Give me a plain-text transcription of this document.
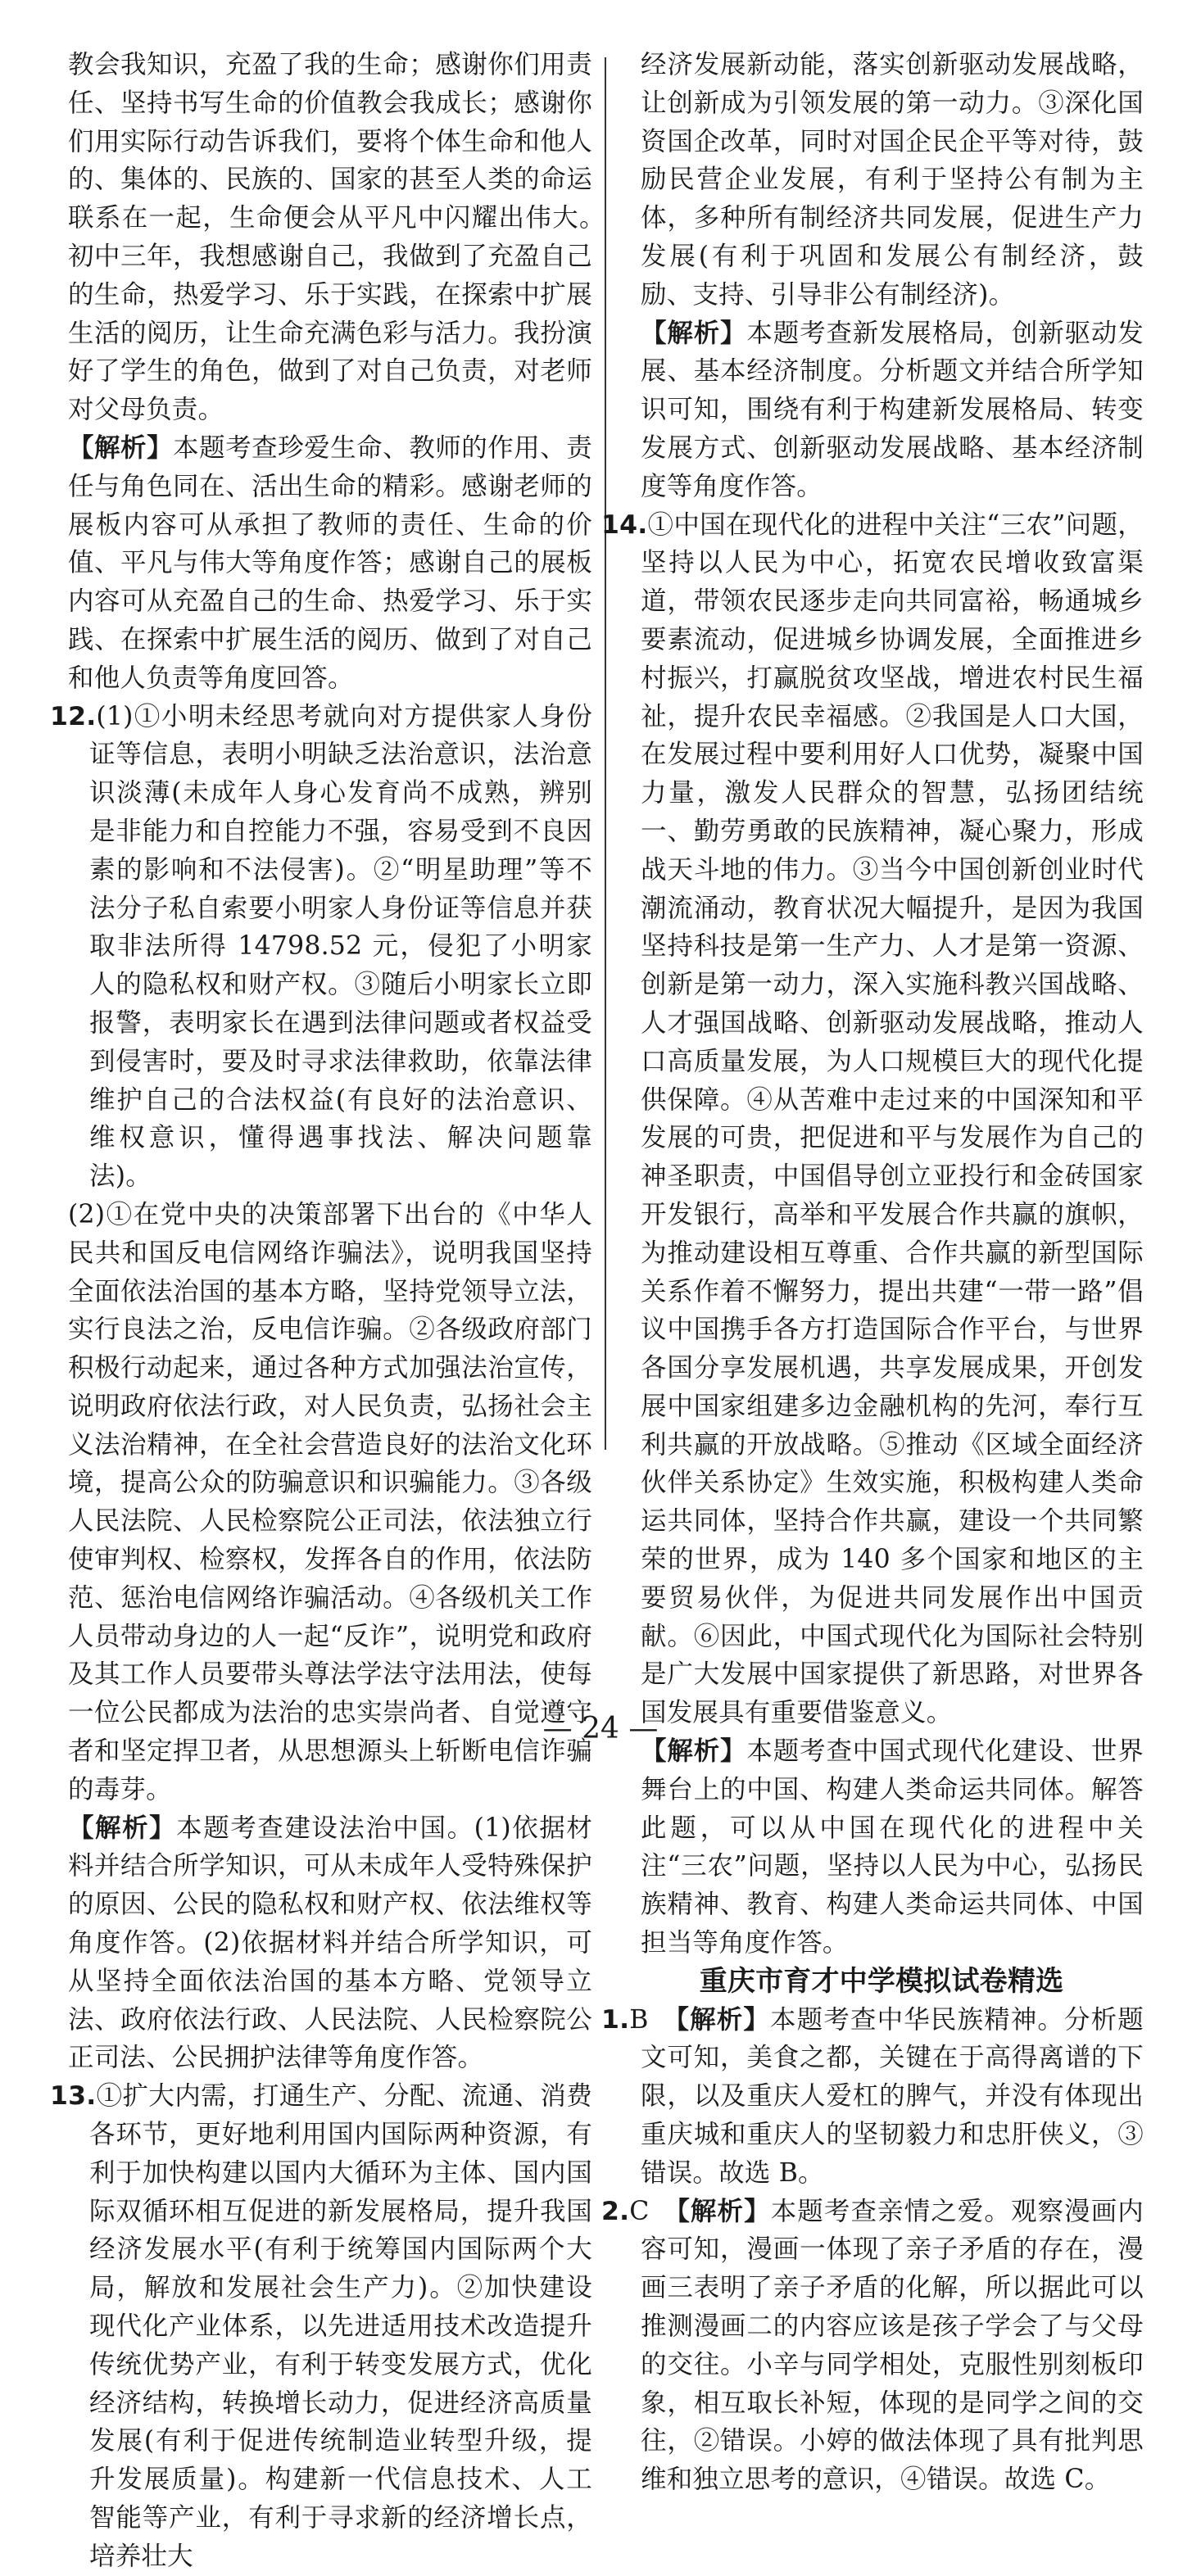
教会我知识，充盈了我的生命；感谢你们用责任、坚持书写生命的价值教会我成长；感谢你们用实际行动告诉我们，要将个体生命和他人的、集体的、民族的、国家的甚至人类的命运联系在一起，生命便会从平凡中闪耀出伟大。　初中三年，我想感谢自己，我做到了充盈自己的生命，热爱学习、乐于实践，在探索中扩展生活的阅历，让生命充满色彩与活力。我扮演好了学生的角色，做到了对自己负责，对老师对父母负责。

【解析】本题考查珍爱生命、教师的作用、责任与角色同在、活出生命的精彩。感谢老师的展板内容可从承担了教师的责任、生命的价值、平凡与伟大等角度作答；感谢自己的展板内容可从充盈自己的生命、热爱学习、乐于实践、在探索中扩展生活的阅历、做到了对自己和他人负责等角度回答。

12.(1)①小明未经思考就向对方提供家人身份证等信息，表明小明缺乏法治意识，法治意识淡薄(未成年人身心发育尚不成熟，辨别是非能力和自控能力不强，容易受到不良因素的影响和不法侵害)。②“明星助理”等不法分子私自索要小明家人身份证等信息并获取非法所得 14798.52 元，侵犯了小明家人的隐私权和财产权。③随后小明家长立即报警，表明家长在遇到法律问题或者权益受到侵害时，要及时寻求法律救助，依靠法律维护自己的合法权益(有良好的法治意识、维权意识，懂得遇事找法、解决问题靠法)。

(2)①在党中央的决策部署下出台的《中华人民共和国反电信网络诈骗法》，说明我国坚持全面依法治国的基本方略，坚持党领导立法，实行良法之治，反电信诈骗。②各级政府部门积极行动起来，通过各种方式加强法治宣传，说明政府依法行政，对人民负责，弘扬社会主义法治精神，在全社会营造良好的法治文化环境，提高公众的防骗意识和识骗能力。③各级人民法院、人民检察院公正司法，依法独立行使审判权、检察权，发挥各自的作用，依法防范、惩治电信网络诈骗活动。④各级机关工作人员带动身边的人一起“反诈”，说明党和政府及其工作人员要带头尊法学法守法用法，使每一位公民都成为法治的忠实崇尚者、自觉遵守者和坚定捍卫者，从思想源头上斩断电信诈骗的毒芽。

【解析】本题考查建设法治中国。(1)依据材料并结合所学知识，可从未成年人受特殊保护的原因、公民的隐私权和财产权、依法维权等角度作答。(2)依据材料并结合所学知识，可从坚持全面依法治国的基本方略、党领导立法、政府依法行政、人民法院、人民检察院公正司法、公民拥护法律等角度作答。

13.①扩大内需，打通生产、分配、流通、消费各环节，更好地利用国内国际两种资源，有利于加快构建以国内大循环为主体、国内国际双循环相互促进的新发展格局，提升我国经济发展水平(有利于统筹国内国际两个大局，解放和发展社会生产力)。②加快建设现代化产业体系，以先进适用技术改造提升传统优势产业，有利于转变发展方式，优化经济结构，转换增长动力，促进经济高质量发展(有利于促进传统制造业转型升级，提升发展质量)。构建新一代信息技术、人工智能等产业，有利于寻求新的经济增长点，培养壮大

经济发展新动能，落实创新驱动发展战略，让创新成为引领发展的第一动力。③深化国资国企改革，同时对国企民企平等对待，鼓励民营企业发展，有利于坚持公有制为主体，多种所有制经济共同发展，促进生产力发展(有利于巩固和发展公有制经济，鼓励、支持、引导非公有制经济)。

【解析】本题考查新发展格局，创新驱动发展、基本经济制度。分析题文并结合所学知识可知，围绕有利于构建新发展格局、转变发展方式、创新驱动发展战略、基本经济制度等角度作答。

14.①中国在现代化的进程中关注“三农”问题，坚持以人民为中心，拓宽农民增收致富渠道，带领农民逐步走向共同富裕，畅通城乡要素流动，促进城乡协调发展，全面推进乡村振兴，打赢脱贫攻坚战，增进农村民生福祉，提升农民幸福感。②我国是人口大国，在发展过程中要利用好人口优势，凝聚中国力量，激发人民群众的智慧，弘扬团结统一、勤劳勇敢的民族精神，凝心聚力，形成战天斗地的伟力。③当今中国创新创业时代潮流涌动，教育状况大幅提升，是因为我国坚持科技是第一生产力、人才是第一资源、创新是第一动力，深入实施科教兴国战略、人才强国战略、创新驱动发展战略，推动人口高质量发展，为人口规模巨大的现代化提供保障。④从苦难中走过来的中国深知和平发展的可贵，把促进和平与发展作为自己的神圣职责，中国倡导创立亚投行和金砖国家开发银行，高举和平发展合作共赢的旗帜，为推动建设相互尊重、合作共赢的新型国际关系作着不懈努力，提出共建“一带一路”倡议中国携手各方打造国际合作平台，与世界各国分享发展机遇，共享发展成果，开创发展中国家组建多边金融机构的先河，奉行互利共赢的开放战略。⑤推动《区域全面经济伙伴关系协定》生效实施，积极构建人类命运共同体，坚持合作共赢，建设一个共同繁荣的世界，成为 140 多个国家和地区的主要贸易伙伴，为促进共同发展作出中国贡献。⑥因此，中国式现代化为国际社会特别是广大发展中国家提供了新思路，对世界各国发展具有重要借鉴意义。

【解析】本题考查中国式现代化建设、世界舞台上的中国、构建人类命运共同体。解答此题，可以从中国在现代化的进程中关注“三农”问题，坚持以人民为中心，弘扬民族精神、教育、构建人类命运共同体、中国担当等角度作答。

重庆市育才中学模拟试卷精选

1.B　 【解析】本题考查中华民族精神。分析题文可知，美食之都，关键在于高得离谱的下限，以及重庆人爱杠的脾气，并没有体现出重庆城和重庆人的坚韧毅力和忠肝侠义，③错误。故选 B。

2.C　 【解析】本题考查亲情之爱。观察漫画内容可知，漫画一体现了亲子矛盾的存在，漫画三表明了亲子矛盾的化解，所以据此可以推测漫画二的内容应该是孩子学会了与父母的交往。小辛与同学相处，克服性别刻板印象，相互取长补短，体现的是同学之间的交往，②错误。小婷的做法体现了具有批判思维和独立思考的意识，④错误。故选 C。

— 24 —
